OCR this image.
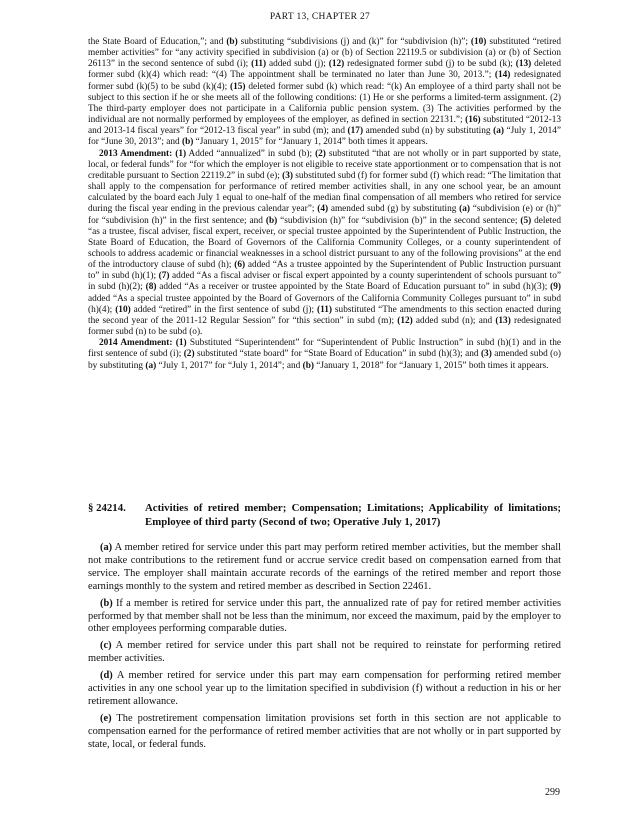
PART 13, CHAPTER 27

the State Board of Education,”; and (b) substituting “subdivisions (j) and (k)” for “subdivision (h)”; (10) substituted “retired member activities” for “any activity specified in subdivision (a) or (b) of Section 22119.5 or subdivision (a) or (b) of Section 26113” in the second sentence of subd (i); (11) added subd (j); (12) redesignated former subd (j) to be subd (k); (13) deleted former subd (k)(4) which read: “(4) The appointment shall be terminated no later than June 30, 2013.”; (14) redesignated former subd (k)(5) to be subd (k)(4); (15) deleted former subd (k) which read: “(k) An employee of a third party shall not be subject to this section if he or she meets all of the following conditions: (1) He or she performs a limited-term assignment. (2) The third-party employer does not participate in a California public pension system. (3) The activities performed by the individual are not normally performed by employees of the employer, as defined in section 22131.”; (16) substituted “2012-13 and 2013-14 fiscal years” for “2012-13 fiscal year” in subd (m); and (17) amended subd (n) by substituting (a) “July 1, 2014” for “June 30, 2013”; and (b) “January 1, 2015” for “January 1, 2014” both times it appears.

2013 Amendment: (1) Added “annualized” in subd (b); (2) substituted “that are not wholly or in part supported by state, local, or federal funds” for “for which the employer is not eligible to receive state apportionment or to compensation that is not creditable pursuant to Section 22119.2” in subd (e); (3) substituted subd (f) for former subd (f) which read: “The limitation that shall apply to the compensation for performance of retired member activities shall, in any one school year, be an amount calculated by the board each July 1 equal to one-half of the median final compensation of all members who retired for service during the fiscal year ending in the previous calendar year”; (4) amended subd (g) by substituting (a) “subdivision (e) or (h)” for “subdivision (h)” in the first sentence; and (b) “subdivision (h)” for “subdivision (b)” in the second sentence; (5) deleted “as a trustee, fiscal adviser, fiscal expert, receiver, or special trustee appointed by the Superintendent of Public Instruction, the State Board of Education, the Board of Governors of the California Community Colleges, or a county superintendent of schools to address academic or financial weaknesses in a school district pursuant to any of the following provisions” at the end of the introductory clause of subd (h); (6) added “As a trustee appointed by the Superintendent of Public Instruction pursuant to” in subd (h)(1); (7) added “As a fiscal adviser or fiscal expert appointed by a county superintendent of schools pursuant to” in subd (h)(2); (8) added “As a receiver or trustee appointed by the State Board of Education pursuant to” in subd (h)(3); (9) added “As a special trustee appointed by the Board of Governors of the California Community Colleges pursuant to” in subd (h)(4); (10) added “retired” in the first sentence of subd (j); (11) substituted “The amendments to this section enacted during the second year of the 2011-12 Regular Session” for “this section” in subd (m); (12) added subd (n); and (13) redesignated former subd (n) to be subd (o).

2014 Amendment: (1) Substituted “Superintendent” for “Superintendent of Public Instruction” in subd (h)(1) and in the first sentence of subd (i); (2) substituted “state board” for “State Board of Education” in subd (h)(3); and (3) amended subd (o) by substituting (a) “July 1, 2017” for “July 1, 2014”; and (b) “January 1, 2018” for “January 1, 2015” both times it appears.

§ 24214.	Activities of retired member; Compensation; Limitations; Applicability of limitations; Employee of third party (Second of two; Operative July 1, 2017)

(a) A member retired for service under this part may perform retired member activities, but the member shall not make contributions to the retirement fund or accrue service credit based on compensation earned from that service. The employer shall maintain accurate records of the earnings of the retired member and report those earnings monthly to the system and retired member as described in Section 22461.

(b) If a member is retired for service under this part, the annualized rate of pay for retired member activities performed by that member shall not be less than the minimum, nor exceed the maximum, paid by the employer to other employees performing comparable duties.

(c) A member retired for service under this part shall not be required to reinstate for performing retired member activities.

(d) A member retired for service under this part may earn compensation for performing retired member activities in any one school year up to the limitation specified in subdivision (f) without a reduction in his or her retirement allowance.

(e) The postretirement compensation limitation provisions set forth in this section are not applicable to compensation earned for the performance of retired member activities that are not wholly or in part supported by state, local, or federal funds.

299
